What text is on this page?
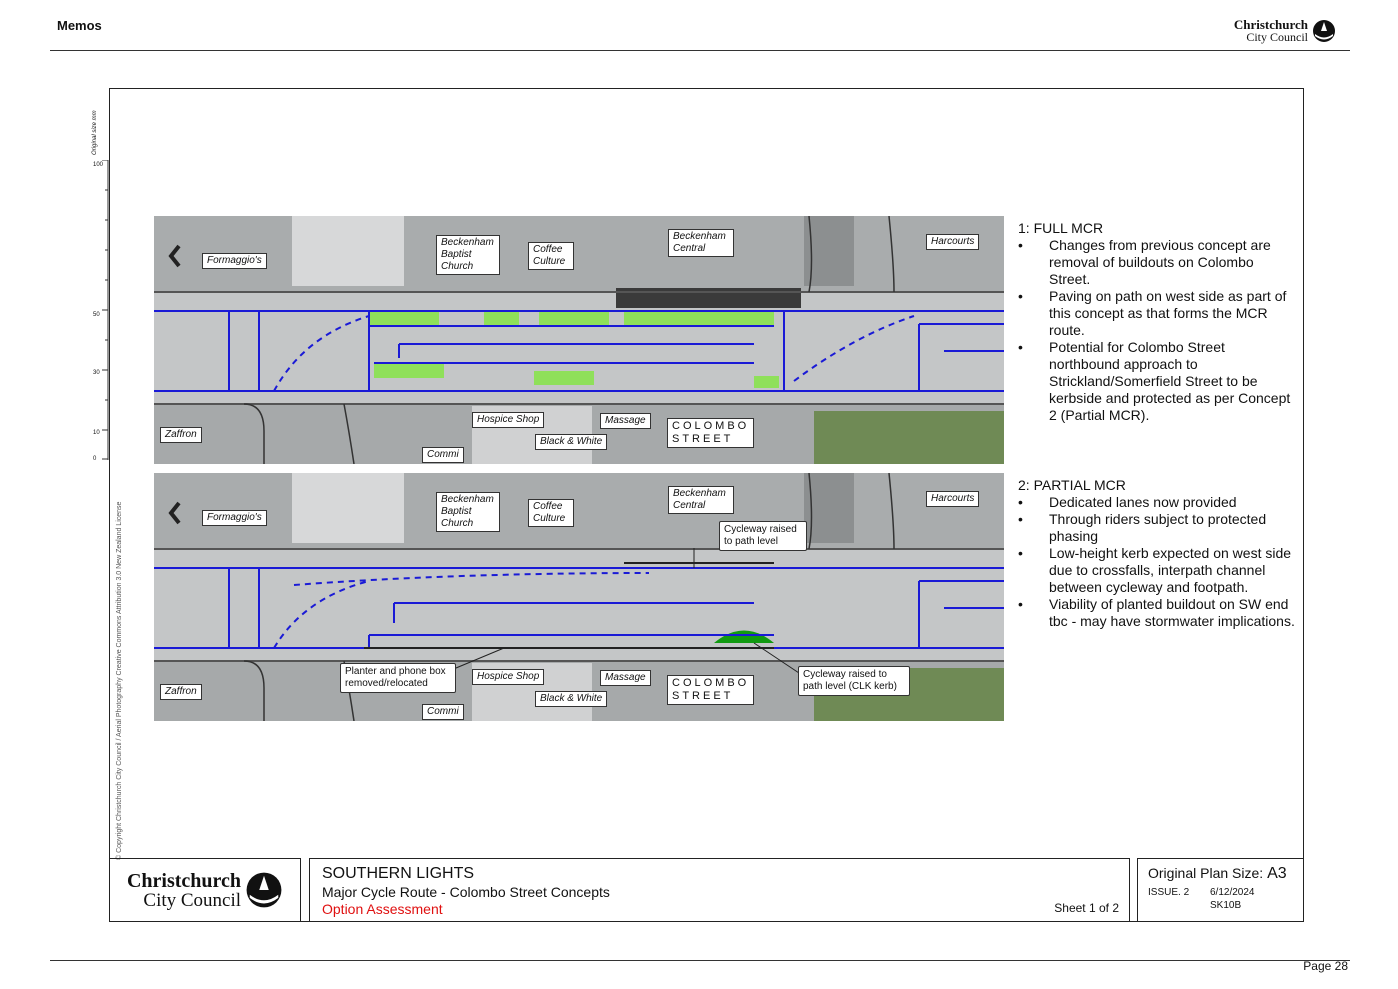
Memos	Christchurch
City Council
100
50
30
10
0
Original size mm
© Copyright Christchurch City Council / Aerial Photography Creative Commons Attribution 3.0 New Zealand License
Formaggio's
Beckenham Baptist Church
Coffee Culture
Beckenham Central
Harcourts
Zaffron
Hospice Shop	Massage
Black & White
Commi
COLOMBO
STREET
Formaggio's
Beckenham Baptist Church
Coffee Culture
Beckenham Central
Harcourts
Zaffron
Hospice Shop	Massage
Black & White
Commi
COLOMBO
STREET
Cycleway raised to path level
Planter and phone box removed/relocated
Cycleway raised to path level (CLK kerb)
1: FULL MCR
• Changes from previous concept are removal of buildouts on Colombo Street.
• Paving on path on west side as part of this concept as that forms the MCR route.
• Potential for Colombo Street northbound approach to Strickland/Somerfield Street to be kerbside and protected as per Concept 2 (Partial MCR).
2: PARTIAL MCR
• Dedicated lanes now provided
• Through riders subject to protected phasing
• Low-height kerb expected on west side due to crossfalls, interpath channel between cycleway and footpath.
• Viability of planted buildout on SW end tbc - may have stormwater implications.
Christchurch
City Council
SOUTHERN LIGHTS
Major Cycle Route - Colombo Street Concepts
Option Assessment	Sheet 1 of 2
Original Plan Size: A3
ISSUE. 2	6/12/2024
SK10B
Page 28
